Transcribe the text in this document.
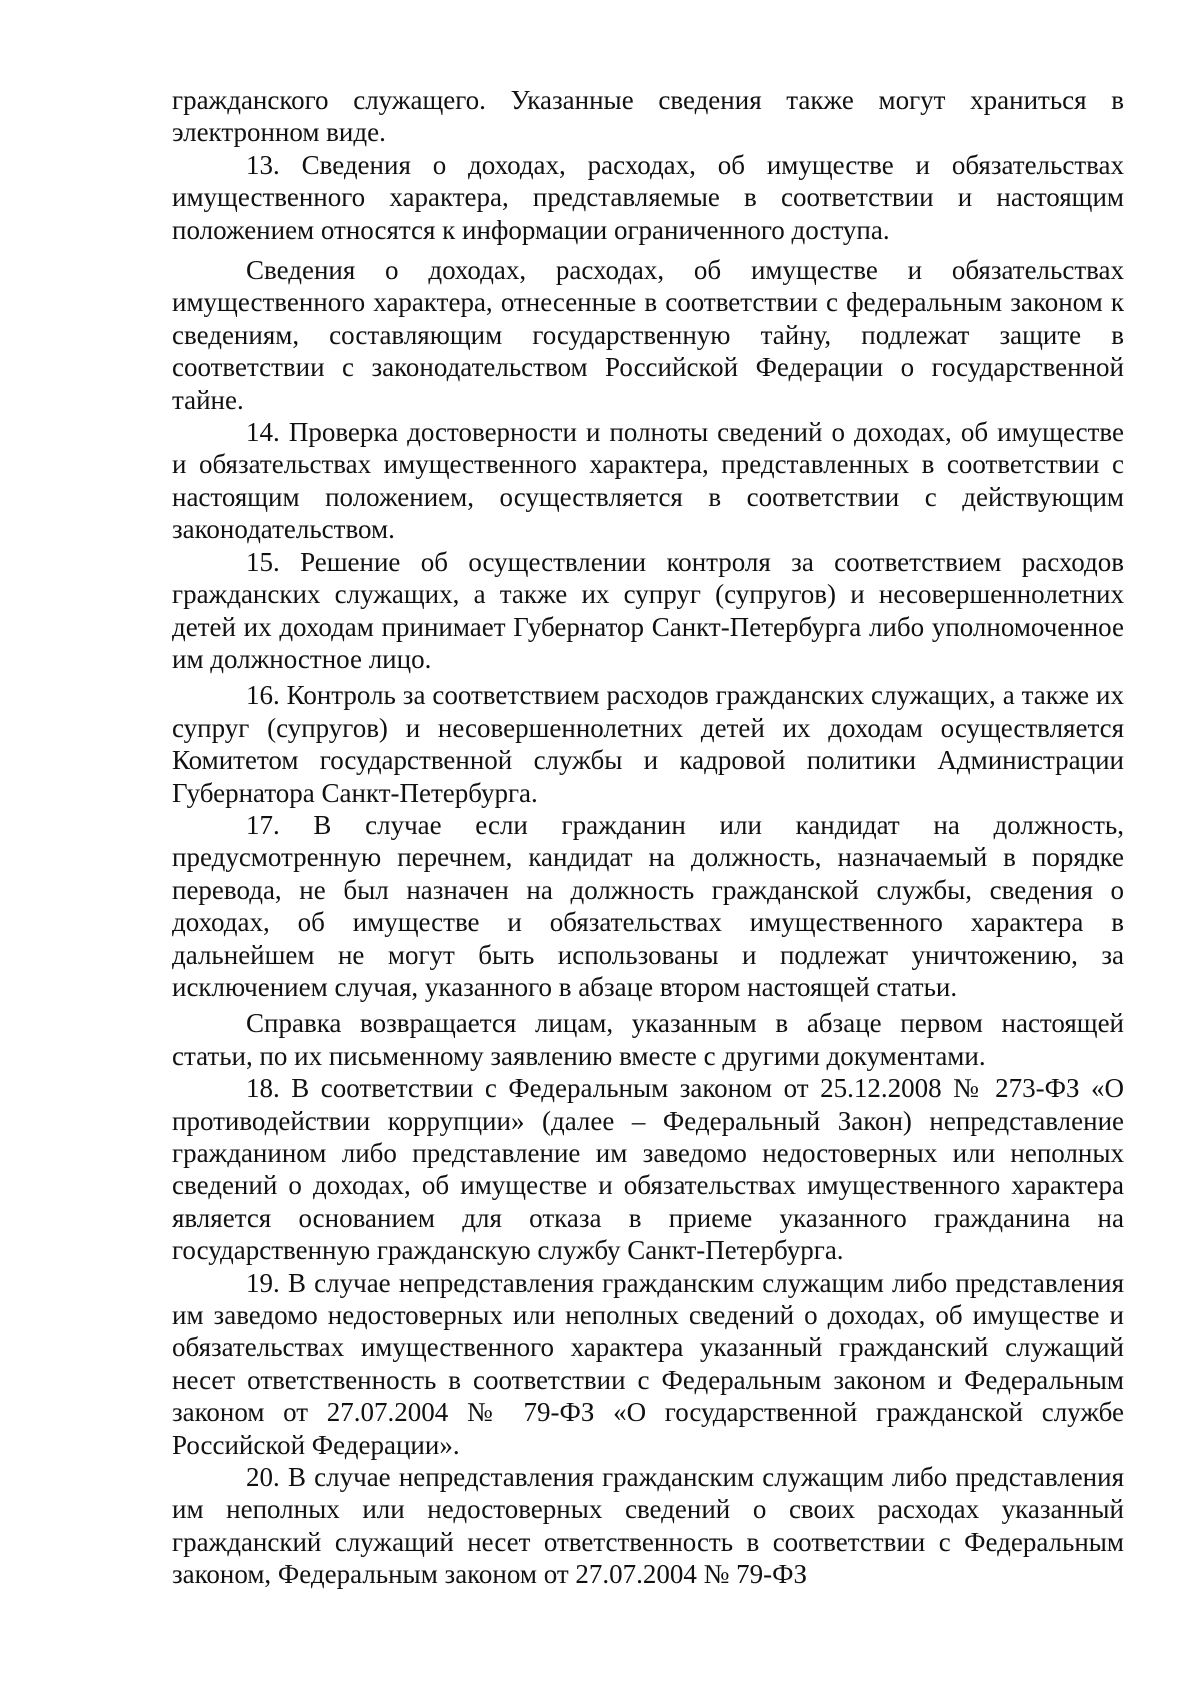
гражданского служащего. Указанные сведения также могут храниться в электронном виде.

13. Сведения о доходах, расходах, об имуществе и обязательствах имущественного характера, представляемые в соответствии и настоящим положением относятся к информации ограниченного доступа.

Сведения о доходах, расходах, об имуществе и обязательствах имущественного характера, отнесенные в соответствии с федеральным законом к сведениям, составляющим государственную тайну, подлежат защите в соответствии с законодательством Российской Федерации о государственной тайне.

14. Проверка достоверности и полноты сведений о доходах, об имуществе и обязательствах имущественного характера, представленных в соответствии с настоящим положением, осуществляется в соответствии с действующим законодательством.

15. Решение об осуществлении контроля за соответствием расходов гражданских служащих, а также их супруг (супругов) и несовершеннолетних детей их доходам принимает Губернатор Санкт-Петербурга либо уполномоченное им должностное лицо.

16. Контроль за соответствием расходов гражданских служащих, а также их супруг (супругов) и несовершеннолетних детей их доходам осуществляется Комитетом государственной службы и кадровой политики Администрации Губернатора Санкт-Петербурга.

17. В случае если гражданин или кандидат на должность, предусмотренную перечнем, кандидат на должность, назначаемый в порядке перевода, не был назначен на должность гражданской службы, сведения о доходах, об имуществе и обязательствах имущественного характера в дальнейшем не могут быть использованы и подлежат уничтожению, за исключением случая, указанного в абзаце втором настоящей статьи.

Справка возвращается лицам, указанным в абзаце первом настоящей статьи, по их письменному заявлению вместе с другими документами.

18. В соответствии с Федеральным законом от 25.12.2008 № 273-ФЗ «О противодействии коррупции» (далее – Федеральный Закон) непредставление гражданином либо представление им заведомо недостоверных или неполных сведений о доходах, об имуществе и обязательствах имущественного характера является основанием для отказа в приеме указанного гражданина на государственную гражданскую службу Санкт-Петербурга.

19. В случае непредставления гражданским служащим либо представления им заведомо недостоверных или неполных сведений о доходах, об имуществе и обязательствах имущественного характера указанный гражданский служащий несет ответственность в соответствии с Федеральным законом и Федеральным законом от 27.07.2004 № 79-ФЗ «О государственной гражданской службе Российской Федерации».

20. В случае непредставления гражданским служащим либо представления им неполных или недостоверных сведений о своих расходах указанный гражданский служащий несет ответственность в соответствии с Федеральным законом, Федеральным законом от 27.07.2004 № 79-ФЗ
